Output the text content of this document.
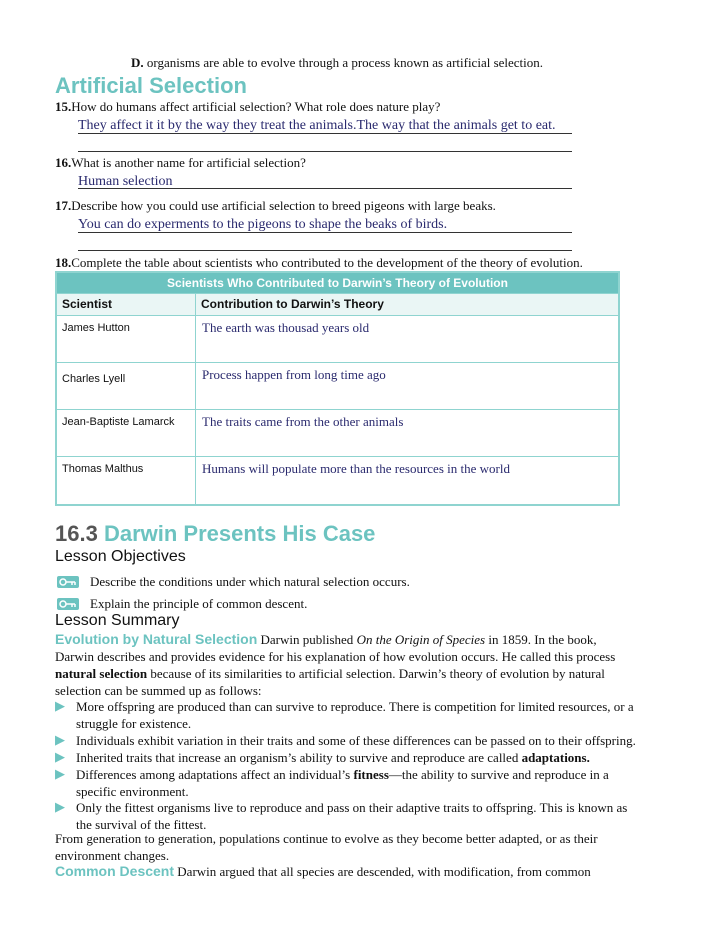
D. organisms are able to evolve through a process known as artificial selection.
Artificial Selection
15.How do humans affect artificial selection? What role does nature play?
They affect it it by the way they treat the animals.The way that the animals get to eat.
16.What is another name for artificial selection?
Human selection
17.Describe how you could use artificial selection to breed pigeons with large beaks.
You can do experments to the pigeons to shape the beaks of birds.
18.Complete the table about scientists who contributed to the development of the theory of evolution.
Scientists Who Contributed to Darwin’s Theory of Evolution	
Scientist	Contribution to Darwin’s Theory
James Hutton	The earth was thousad years old
Charles Lyell	Process happen from long time ago
Jean-Baptiste Lamarck	The traits came from the other animals
Thomas Malthus	Humans will populate more than the resources in the world
16.3 Darwin Presents His Case
Lesson Objectives
Describe the conditions under which natural selection occurs.
Explain the principle of common descent.
Lesson Summary
Evolution by Natural Selection Darwin published On the Origin of Species in 1859. In the book,
Darwin describes and provides evidence for his explanation of how evolution occurs. He called this process
natural selection because of its similarities to artificial selection. Darwin’s theory of evolution by natural
selection can be summed up as follows:
▶ More offspring are produced than can survive to reproduce. There is competition for limited resources, or a
struggle for existence.
▶ Individuals exhibit variation in their traits and some of these differences can be passed on to their offspring.
▶ Inherited traits that increase an organism’s ability to survive and reproduce are called adaptations.
▶ Differences among adaptations affect an individual’s fitness—the ability to survive and reproduce in a
specific environment.
▶ Only the fittest organisms live to reproduce and pass on their adaptive traits to offspring. This is known as
the survival of the fittest.
From generation to generation, populations continue to evolve as they become better adapted, or as their
environment changes.
Common Descent Darwin argued that all species are descended, with modification, from common
